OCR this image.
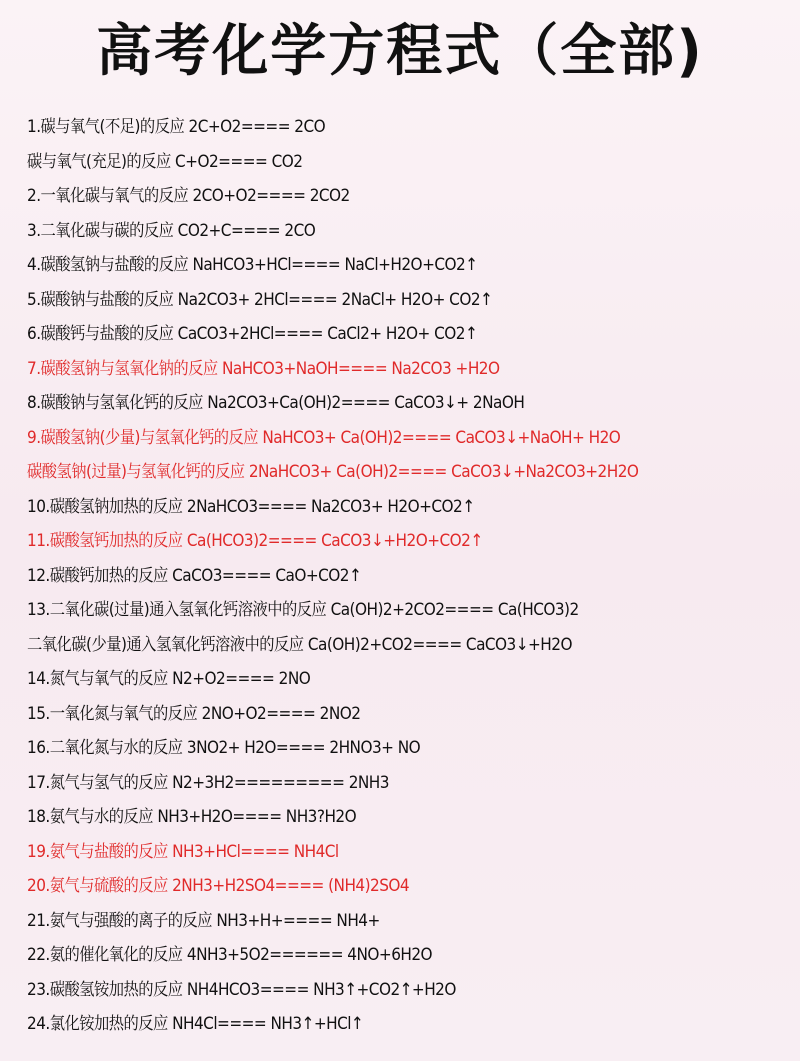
高考化学方程式（全部)
1.碳与氧气(不足)的反应 2C+O2==== 2CO
碳与氧气(充足)的反应 C+O2==== CO2
2.一氧化碳与氧气的反应 2CO+O2==== 2CO2
3.二氧化碳与碳的反应 CO2+C==== 2CO
4.碳酸氢钠与盐酸的反应 NaHCO3+HCl==== NaCl+H2O+CO2↑
5.碳酸钠与盐酸的反应 Na2CO3+ 2HCl==== 2NaCl+ H2O+ CO2↑
6.碳酸钙与盐酸的反应 CaCO3+2HCl==== CaCl2+ H2O+ CO2↑
7.碳酸氢钠与氢氧化钠的反应 NaHCO3+NaOH==== Na2CO3 +H2O
8.碳酸钠与氢氧化钙的反应 Na2CO3+Ca(OH)2==== CaCO3↓+ 2NaOH
9.碳酸氢钠(少量)与氢氧化钙的反应 NaHCO3+ Ca(OH)2==== CaCO3↓+NaOH+ H2O
碳酸氢钠(过量)与氢氧化钙的反应 2NaHCO3+ Ca(OH)2==== CaCO3↓+Na2CO3+2H2O
10.碳酸氢钠加热的反应 2NaHCO3==== Na2CO3+ H2O+CO2↑
11.碳酸氢钙加热的反应 Ca(HCO3)2==== CaCO3↓+H2O+CO2↑
12.碳酸钙加热的反应 CaCO3==== CaO+CO2↑
13.二氧化碳(过量)通入氢氧化钙溶液中的反应 Ca(OH)2+2CO2==== Ca(HCO3)2
二氧化碳(少量)通入氢氧化钙溶液中的反应 Ca(OH)2+CO2==== CaCO3↓+H2O
14.氮气与氧气的反应 N2+O2==== 2NO
15.一氧化氮与氧气的反应 2NO+O2==== 2NO2
16.二氧化氮与水的反应 3NO2+ H2O==== 2HNO3+ NO
17.氮气与氢气的反应 N2+3H2========= 2NH3
18.氨气与水的反应 NH3+H2O==== NH3?H2O
19.氨气与盐酸的反应 NH3+HCl==== NH4Cl
20.氨气与硫酸的反应 2NH3+H2SO4==== (NH4)2SO4
21.氨气与强酸的离子的反应 NH3+H+==== NH4+
22.氨的催化氧化的反应 4NH3+5O2====== 4NO+6H2O
23.碳酸氢铵加热的反应 NH4HCO3==== NH3↑+CO2↑+H2O
24.氯化铵加热的反应 NH4Cl==== NH3↑+HCl↑
